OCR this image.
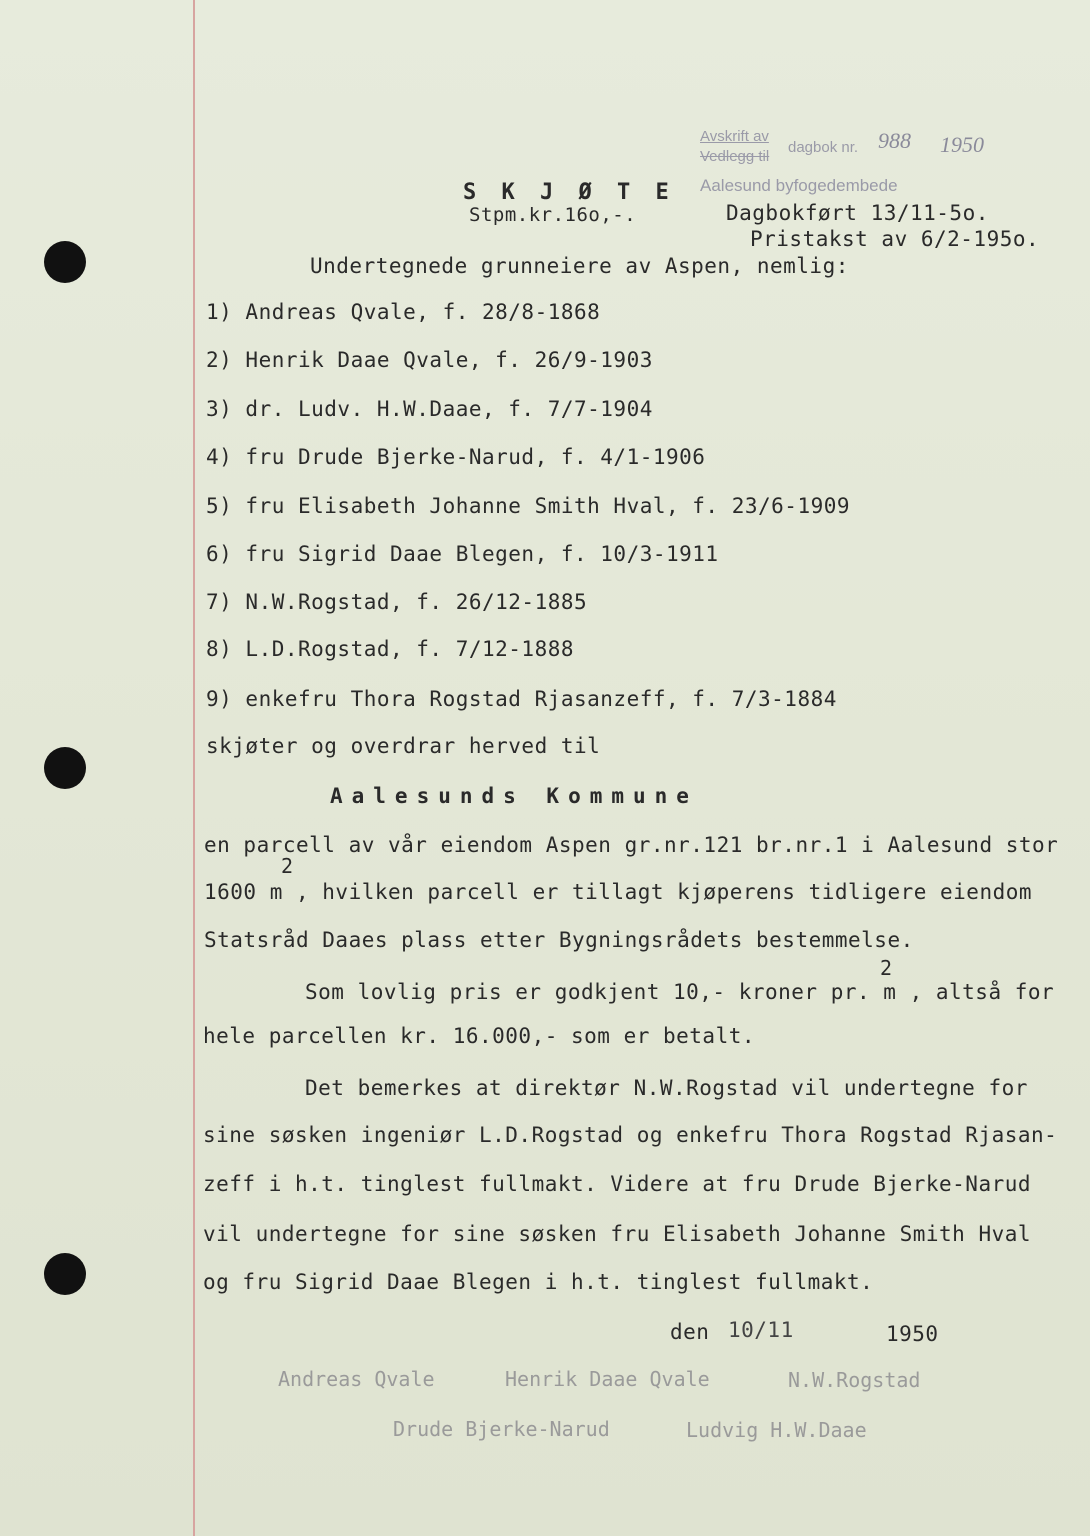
Avskrift av
dagbok nr. 988 1950
Vedlegg til
Aalesund byfogedembede
S K J Ø T E
Stpm.kr.16o,-.	Dagbokført 13/11-5o.
Pristakst av 6/2-195o.
Undertegnede grunneiere av Aspen, nemlig:
1) Andreas Qvale, f. 28/8-1868
2) Henrik Daae Qvale, f. 26/9-1903
3) dr. Ludv. H.W.Daae, f. 7/7-1904
4) fru Drude Bjerke-Narud, f. 4/1-1906
5) fru Elisabeth Johanne Smith Hval, f. 23/6-1909
6) fru Sigrid Daae Blegen, f. 10/3-1911
7) N.W.Rogstad, f. 26/12-1885
8) L.D.Rogstad, f. 7/12-1888
9) enkefru Thora Rogstad Rjasanzeff, f. 7/3-1884
skjøter og overdrar herved til
Aalesunds Kommune
en parcell av vår eiendom Aspen gr.nr.121 br.nr.1 i Aalesund stor
2
1600 m , hvilken parcell er tillagt kjøperens tidligere eiendom
Statsråd Daaes plass etter Bygningsrådets bestemmelse.
2
Som lovlig pris er godkjent 10,- kroner pr. m , altså for
hele parcellen kr. 16.000,- som er betalt.
Det bemerkes at direktør N.W.Rogstad vil undertegne for
sine søsken ingeniør L.D.Rogstad og enkefru Thora Rogstad Rjasan-
zeff i h.t. tinglest fullmakt. Videre at fru Drude Bjerke-Narud
vil undertegne for sine søsken fru Elisabeth Johanne Smith Hval
og fru Sigrid Daae Blegen i h.t. tinglest fullmakt.
den 10/11	1950
Andreas Qvale	Henrik Daae Qvale	N.W.Rogstad
Drude Bjerke-Narud	Ludvig H.W.Daae
